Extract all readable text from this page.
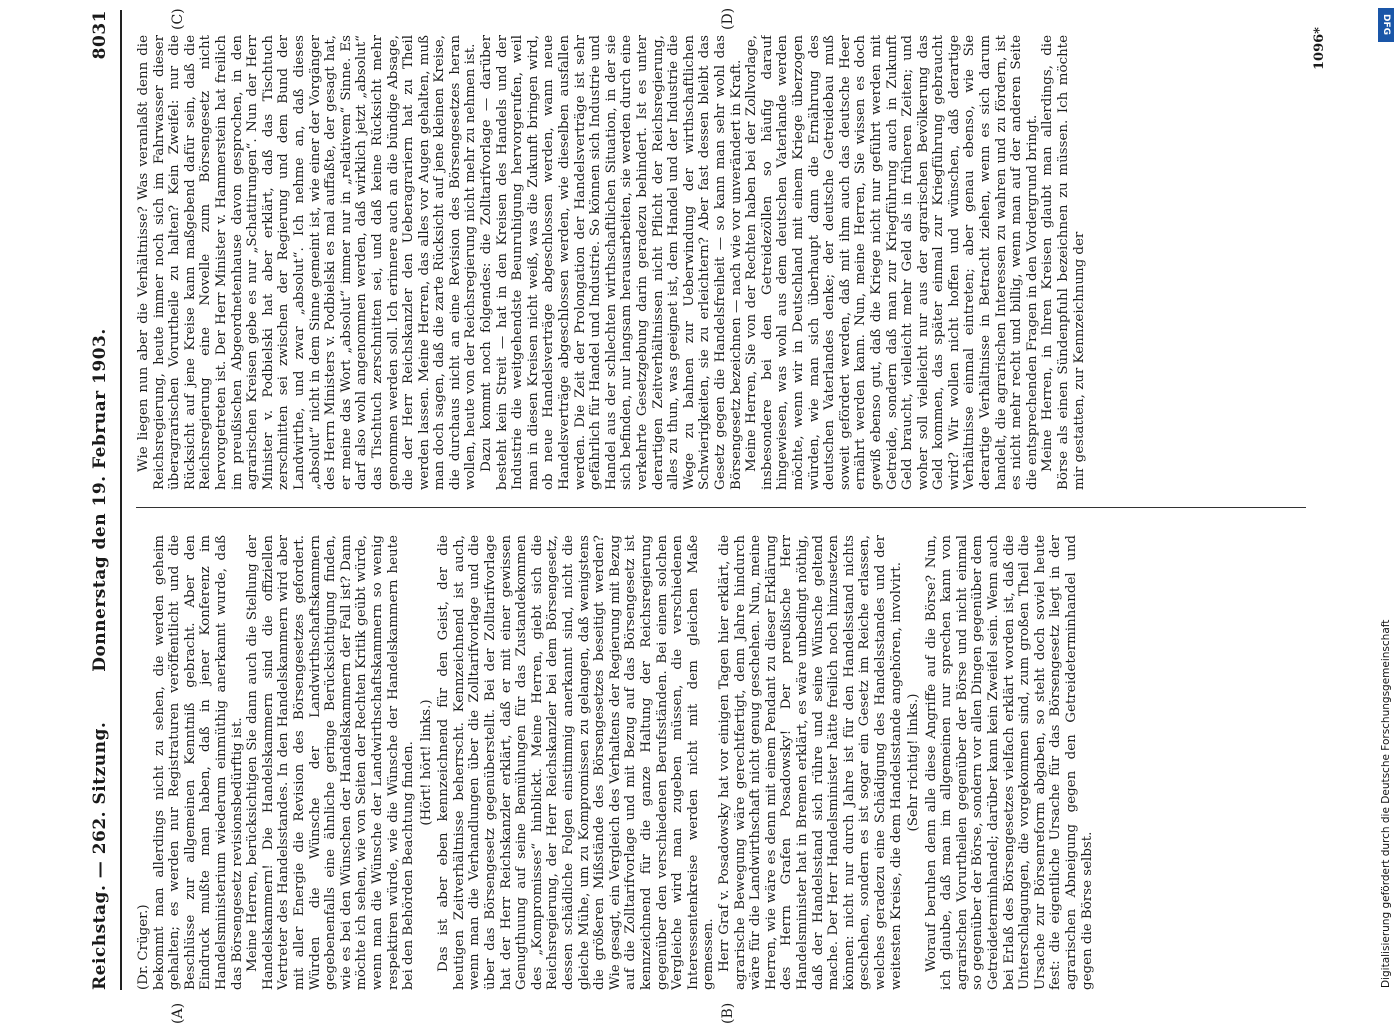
Reichstag. — 262. Sitzung.
Donnerstag den 19. Februar 1903.
8031
(A)	(B)
(C)	(D)

(Dr. Crüger.) bekommt man allerdings nicht zu sehen, die werden geheim gehalten; es werden nur Registraturen veröffentlicht und die Beschlüsse zur allgemeinen Kenntniß gebracht. Aber den Eindruck mußte man haben, daß in jener Konferenz im Handelsministerium wiederum einmüthig anerkannt wurde, daß das Börsengesetz revisionsbedürftig ist. Meine Herren, berücksichtigen Sie dann auch die Stellung der Handelskammern! Die Handelskammern sind die offiziellen Vertreter des Handelsstandes. In den Handelskammern wird aber mit aller Energie die Revision des Börsengesetzes gefordert. Würden die Wünsche der Landwirthschaftskammern gegebenenfalls eine ähnliche geringe Berücksichtigung finden, wie es bei den Wünschen der Handelskammern der Fall ist? Dann möchte ich sehen, wie von Seiten der Rechten Kritik geübt würde, wenn man die Wünsche der Landwirthschaftskammern so wenig respektiren würde, wie die Wünsche der Handelskammern heute bei den Behörden Beachtung finden. (Hört! hört! links.) Das ist aber eben kennzeichnend für den Geist, der die heutigen Zeitverhältnisse beherrscht. Kennzeichnend ist auch, wenn man die Verhandlungen über die Zolltarifvorlage und die über das Börsengesetz gegenüberstellt. Bei der Zolltarifvorlage hat der Herr Reichskanzler erklärt, daß er mit einer gewissen Genugthuung auf seine Bemühungen für das Zustandekommen des „Kompromisses“ hinblickt. Meine Herren, giebt sich die Reichsregierung, der Herr Reichskanzler bei dem Börsengesetz, dessen schädliche Folgen einstimmig anerkannt sind, nicht die gleiche Mühe, um zu Kompromissen zu gelangen, daß wenigstens die größeren Mißstände des Börsengesetzes beseitigt werden? Wie gesagt, ein Vergleich des Verhaltens der Regierung mit Bezug auf die Zolltarifvorlage und mit Bezug auf das Börsengesetz ist kennzeichnend für die ganze Haltung der Reichsregierung gegenüber den verschiedenen Berufsständen. Bei einem solchen Vergleiche wird man zugeben müssen, die verschiedenen Interessentenkreise werden nicht mit dem gleichen Maße gemessen. Herr Graf v. Posadowsky hat vor einigen Tagen hier erklärt, die agrarische Bewegung wäre gerechtfertigt, denn Jahre hindurch wäre für die Landwirthschaft nicht genug geschehen. Nun, meine Herren, wie wäre es denn mit einem Pendant zu dieser Erklärung des Herrn Grafen Posadowsky! Der preußische Herr Handelsminister hat in Bremen erklärt, es wäre unbedingt nöthig, daß der Handelsstand sich rühre und seine Wünsche geltend mache. Der Herr Handelsminister hätte freilich noch hinzusetzen können: nicht nur durch Jahre ist für den Handelsstand nichts geschehen, sondern es ist sogar ein Gesetz im Reiche erlassen, welches geradezu eine Schädigung des Handelsstandes und der weitesten Kreise, die dem Handelsstande angehören, involvirt. (Sehr richtig! links.) Worauf beruhen denn alle diese Angriffe auf die Börse? Nun, ich glaube, daß man im allgemeinen nur sprechen kann von agrarischen Vorurtheilen gegenüber der Börse und nicht einmal so gegenüber der Börse, sondern vor allen Dingen gegenüber dem Getreideterminhandel; darüber kann kein Zweifel sein. Wenn auch bei Erlaß des Börsengesetzes vielfach erklärt worden ist, daß die Unterschlagungen, die vorgekommen sind, zum großen Theil die Ursache zur Börsenreform abgaben, so steht doch soviel heute fest: die eigentliche Ursache für das Börsengesetz liegt in der agrarischen Abneigung gegen den Getreideterminhandel und gegen die Börse selbst.

Wie liegen nun aber die Verhältnisse? Was veranlaßt denn die Reichsregierung, heute immer noch sich im Fahrwasser dieser überagrarischen Vorurtheile zu halten? Kein Zweifel: nur die Rücksicht auf jene Kreise kann maßgebend dafür sein, daß die Reichsregierung eine Novelle zum Börsengesetz nicht hervorgetreten ist. Der Herr Minister v. Hammerstein hat freilich im preußischen Abgeordnetenhause davon gesprochen, in den agrarischen Kreisen gebe es nur „Schattirungen“. Nun der Herr Minister v. Podbielski hat aber erklärt, daß das Tischtuch zerschnitten sei zwischen der Regierung und dem Bund der Landwirthe, und zwar „absolut“. Ich nehme an, daß dieses „absolut“ nicht in dem Sinne gemeint ist, wie einer der Vorgänger des Herrn Ministers v. Podbielski es mal auffaßte, der gesagt hat, er meine das Wort „absolut“ immer nur in „relativem“ Sinne. Es darf also wohl angenommen werden, daß wirklich jetzt „absolut“ das Tischtuch zerschnitten sei, und daß keine Rücksicht mehr genommen werden soll. Ich erinnere auch an die bündige Absage, die der Herr Reichskanzler den Ueberagrariern hat zu Theil werden lassen. Meine Herren, das alles vor Augen gehalten, muß man doch sagen, daß die zarte Rücksicht auf jene kleinen Kreise, die durchaus nicht an eine Revision des Börsengesetzes heran wollen, heute von der Reichsregierung nicht mehr zu nehmen ist. Dazu kommt noch folgendes: die Zolltarifvorlage — darüber besteht kein Streit — hat in den Kreisen des Handels und der Industrie die weitgehendste Beunruhigung hervorgerufen, weil man in diesen Kreisen nicht weiß, was die Zukunft bringen wird, ob neue Handelsverträge abgeschlossen werden, wann neue Handelsverträge abgeschlossen werden, wie dieselben ausfallen werden. Die Zeit der Prolongation der Handelsverträge ist sehr gefährlich für Handel und Industrie. So können sich Industrie und Handel aus der schlechten wirthschaftlichen Situation, in der sie sich befinden, nur langsam herausarbeiten, sie werden durch eine verkehrte Gesetzgebung darin geradezu behindert. Ist es unter derartigen Zeitverhältnissen nicht Pflicht der Reichsregierung, alles zu thun, was geeignet ist, dem Handel und der Industrie die Wege zu bahnen zur Ueberwindung der wirthschaftlichen Schwierigkeiten, sie zu erleichtern? Aber fast dessen bleibt das Gesetz gegen die Handelsfreiheit — so kann man sehr wohl das Börsengesetz bezeichnen — nach wie vor unverändert in Kraft. Meine Herren, Sie von der Rechten haben bei der Zollvorlage, insbesondere bei den Getreidezöllen so häufig darauf hingewiesen, was wohl aus dem deutschen Vaterlande werden möchte, wenn wir in Deutschland mit einem Kriege überzogen würden, wie man sich überhaupt dann die Ernährung des deutschen Vaterlandes denke; der deutsche Getreidebau muß soweit gefördert werden, daß mit ihm auch das deutsche Heer ernährt werden kann. Nun, meine Herren, Sie wissen es doch gewiß ebenso gut, daß die Kriege nicht nur geführt werden mit Getreide, sondern daß man zur Kriegführung auch in Zukunft Geld braucht, vielleicht mehr Geld als in früheren Zeiten; und woher soll vielleicht nur aus der agrarischen Bevölkerung das Geld kommen, das später einmal zur Kriegführung gebraucht wird? Wir wollen nicht hoffen und wünschen, daß derartige Verhältnisse einmal eintreten; aber genau ebenso, wie Sie derartige Verhältnisse in Betracht ziehen, wenn es sich darum handelt, die agrarischen Interessen zu wahren und zu fördern, ist es nicht mehr recht und billig, wenn man auf der anderen Seite die entsprechenden Fragen in den Vordergrund bringt. Meine Herren, in Ihren Kreisen glaubt man allerdings, die Börse als einen Sündenpfuhl bezeichnen zu müssen. Ich möchte mir gestatten, zur Kennzeichnung der

1096*
DFG
Digitalisierung gefördert durch die Deutsche Forschungsgemeinschaft
